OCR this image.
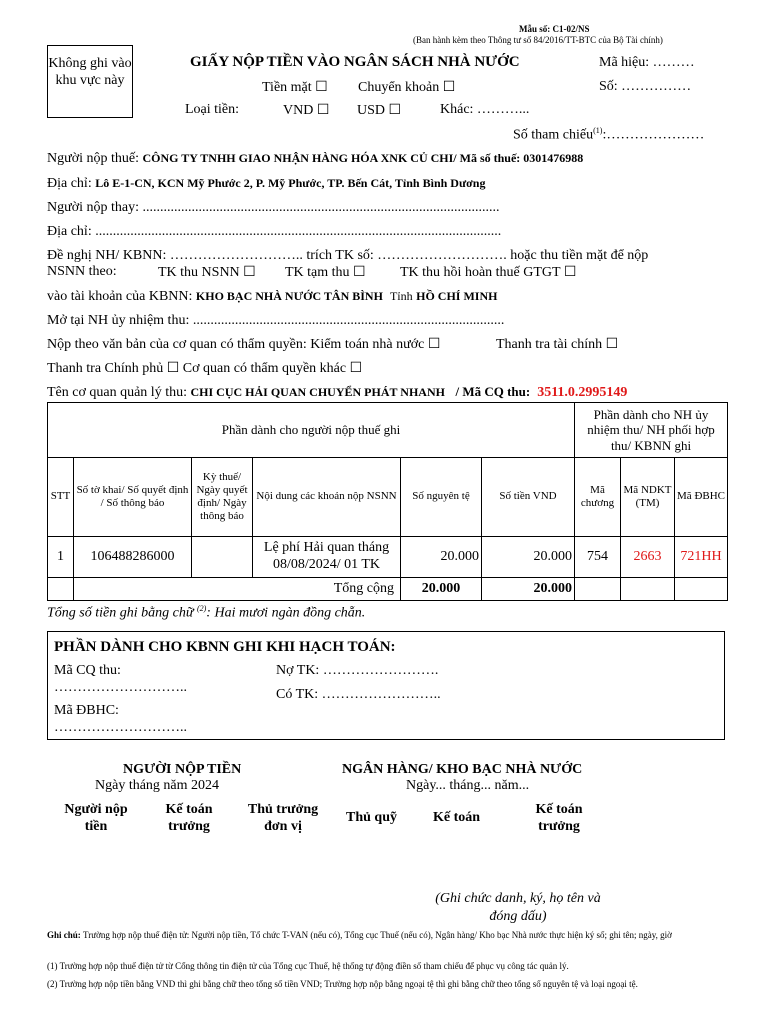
Mẫu số: C1-02/NS
(Ban hành kèm theo Thông tư số 84/2016/TT-BTC của Bộ Tài chính)
Không ghi vào khu vực này
GIẤY NỘP TIỀN VÀO NGÂN SÁCH NHÀ NƯỚC	Mã hiệu: ………
Tiền mặt ☐ Chuyển khoản ☐	Số: ……………
Loại tiền:	VND ☐ USD ☐	Khác: ………...
Số tham chiếu$^{(1)}$:…………………
Người nộp thuế: CÔNG TY TNHH GIAO NHẬN HÀNG HÓA XNK CỦ CHI/ Mã số thuế: 0301476988
Địa chỉ: Lô E-1-CN, KCN Mỹ Phước 2, P. Mỹ Phước, TP. Bến Cát, Tỉnh Bình Dương
Người nộp thay: ......................................................................................................
Địa chỉ: ....................................................................................................................
Đề nghị NH/ KBNN: ……………………….. trích TK số: ………………………. hoặc thu tiền mặt để nộp
NSNN theo:	TK thu NSNN ☐ TK tạm thu ☐ TK thu hồi hoàn thuế GTGT ☐
vào tài khoản của KBNN: KHO BẠC NHÀ NƯỚC TÂN BÌNH Tỉnh HỒ CHÍ MINH
Mở tại NH ủy nhiệm thu: .........................................................................................
Nộp theo văn bản của cơ quan có thẩm quyền: Kiểm toán nhà nước ☐	Thanh tra tài chính ☐
Thanh tra Chính phủ ☐ Cơ quan có thẩm quyền khác ☐
Tên cơ quan quản lý thu: CHI CỤC HẢI QUAN CHUYỂN PHÁT NHANH / Mã CQ thu: 3511.0.2995149
Phần dành cho người nộp thuế ghi						Phần dành cho NH ủy nhiệm thu/ NH phối hợp thu/ KBNN ghi		
STT	Số tờ khai/ Số quyết định / Số thông báo	Kỳ thuế/ Ngày quyết định/ Ngày thông báo	Nội dung các khoản nộp NSNN	Số nguyên tệ	Số tiền VND	Mã chương	Mã NDKT (TM)	Mã ĐBHC
1	106488286000		Lệ phí Hải quan tháng 08/08/2024/ 01 TK	20.000	20.000	754	2663	721HH
	Tổng cộng			20.000	20.000			
Tổng số tiền ghi bằng chữ $^{(2)}$: Hai mươi ngàn đồng chẵn.
PHẦN DÀNH CHO KBNN GHI KHI HẠCH TOÁN:
Mã CQ thu:
………………………..
Mã ĐBHC:
………………………..
Nợ TK: …………………….
Có TK: ……………………..
NGƯỜI NỘP TIỀN
Ngày tháng năm 2024
NGÂN HÀNG/ KHO BẠC NHÀ NƯỚC
Ngày... tháng... năm...
Người nộp tiền
Kế toán trưởng
Thủ trưởng đơn vị
Thủ quỹ	Kế toán
Kế toán trưởng
(Ghi chức danh, ký, họ tên và đóng dấu)
Ghi chú: Trường hợp nộp thuế điện tử: Người nộp tiền, Tổ chức T-VAN (nếu có), Tổng cục Thuế (nếu có), Ngân hàng/ Kho bạc Nhà nước thực hiện ký số; ghi tên; ngày, giờ
(1) Trường hợp nộp thuế điện tử từ Cổng thông tin điện tử của Tổng cục Thuế, hệ thống tự động điền số tham chiếu để phục vụ công tác quản lý.
(2) Trường hợp nộp tiền bằng VND thì ghi bằng chữ theo tổng số tiền VND; Trường hợp nộp bằng ngoại tệ thì ghi bằng chữ theo tổng số nguyên tệ và loại ngoại tệ.
